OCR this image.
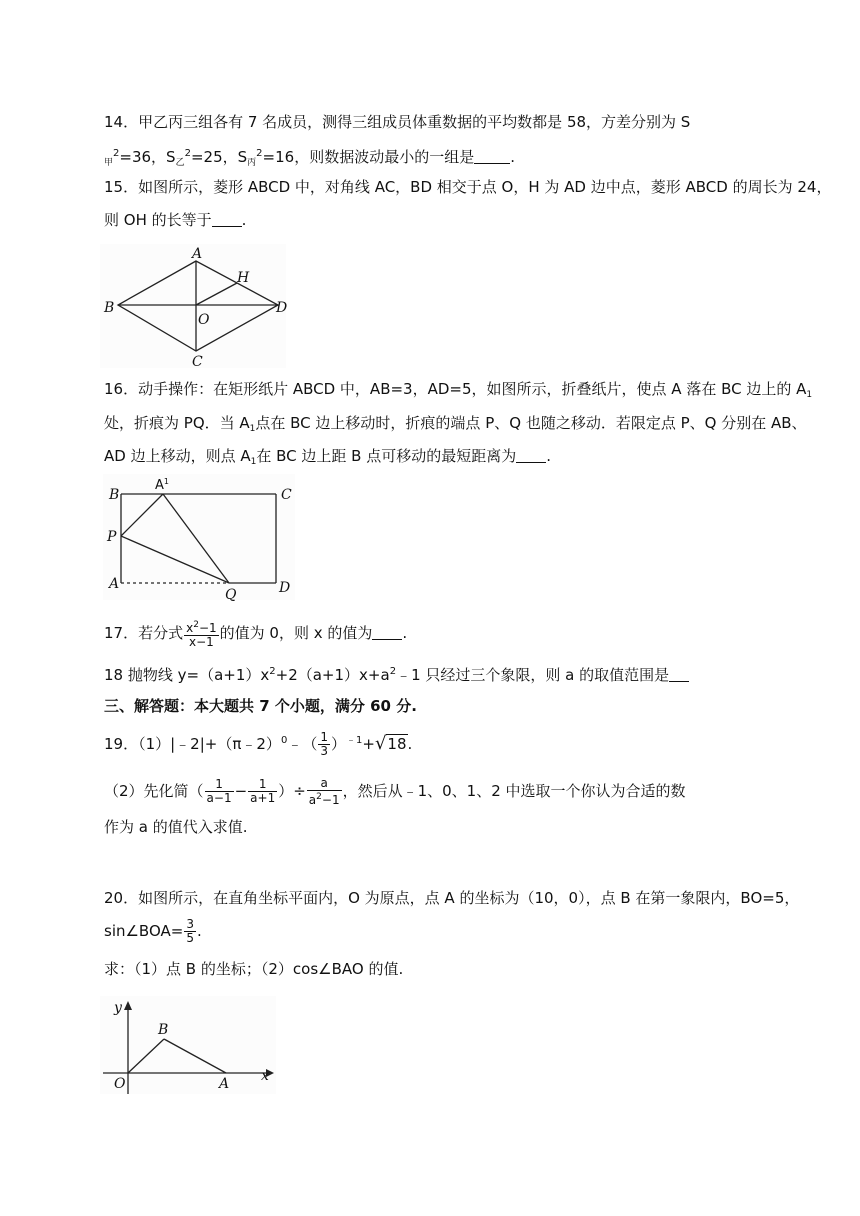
14．甲乙丙三组各有 7 名成员，测得三组成员体重数据的平均数都是 58，方差分别为 S
$_甲^2$=36，$S_乙^2=25$，$S_丙^2=16$，则数据波动最小的一组是 .
15．如图所示，菱形 ABCD 中，对角线 AC，BD 相交于点 O，H 为 AD 边中点，菱形 ABCD 的周长为 24，
则 OH 的长等于 .
A
B
C
D
H
O
16．动手操作：在矩形纸片 ABCD 中，AB=3，AD=5，如图所示，折叠纸片，使点 A 落在 BC 边上的 $A_1$
处，折痕为 PQ．当 $A_1$点在 BC 边上移动时，折痕的端点 P、Q 也随之移动．若限定点 P、Q 分别在 AB、
AD 边上移动，则点 $A_1$在 BC 边上距 B 点可移动的最短距离为 .
B
$A^1$
C
P
A
Q	D
17．若分式 $\frac{x^2-1}{x-1}$ 的值为 0，则 x 的值为 .
18 抛物线 $y=(a+1)x^2+2(a+1)x+a^2﹣1$ 只经过三个象限，则 a 的取值范围是
三、解答题：本大题共 7 个小题，满分 60 分.
19．（1）|﹣2|+（π﹣2）$^0$﹣（ $\frac{1}{3} )^{﹣1}+√18$.
（2）先化简（ $\frac{1}{a-1} - \frac{1}{a+1}$ ）÷ $\frac{a}{a^2-1}$ ，然后从﹣1、0、1、2 中选取一个你认为合适的数
作为 a 的值代入求值.
20．如图所示，在直角坐标平面内，O 为原点，点 A 的坐标为（10，0），点 B 在第一象限内，BO=5，
sin∠BOA= $\frac{3}{5}$ .
求：（1）点 B 的坐标；（2）cos∠BAO 的值.
y
x
O	A
B
